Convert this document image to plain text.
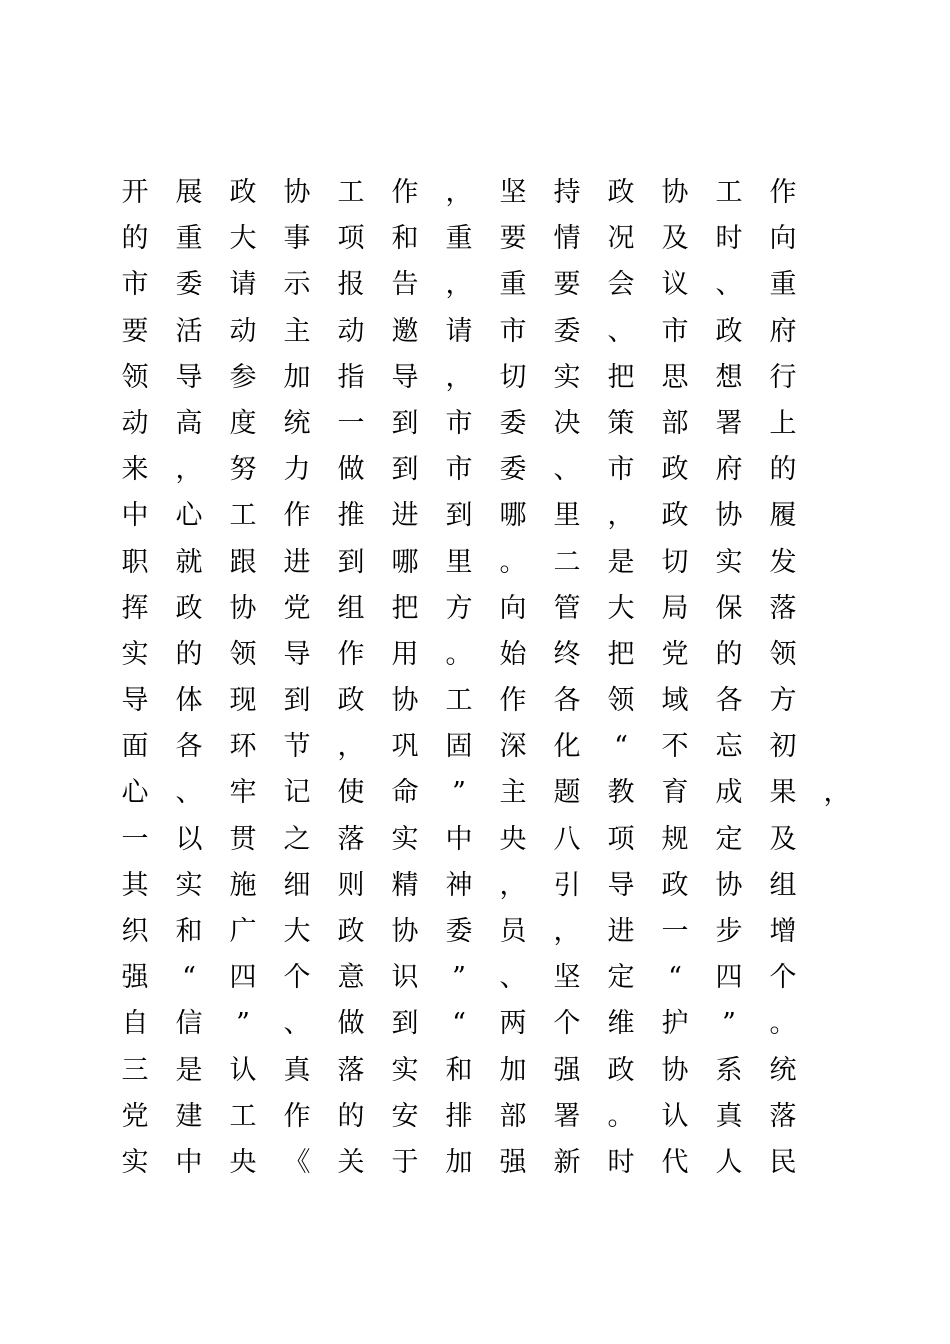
开	展	政	协	工	作	，	坚	持	政	协	工	作
的	重	大	事	项	和	重	要	情	况	及	时	向
市	委	请	示	报	告	，	重	要	会	议	、	重
要	活	动	主	动	邀	请	市	委	、	市	政	府
领	导	参	加	指	导	，	切	实	把	思	想	行
动	高	度	统	一	到	市	委	决	策	部	署	上
来	，	努	力	做	到	市	委	、	市	政	府	的
中	心	工	作	推	进	到	哪	里	，	政	协	履
职	就	跟	进	到	哪	里	。	二	是	切	实	发
挥	政	协	党	组	把	方	向	管	大	局	保	落
实	的	领	导	作	用	。	始	终	把	党	的	领
导	体	现	到	政	协	工	作	各	领	域	各	方
面	各	环	节	，	巩	固	深	化	“	不	忘	初
心	、	牢	记	使	命	”	主	题	教	育	成	果	，
一	以	贯	之	落	实	中	央	八	项	规	定	及
其	实	施	细	则	精	神	，	引	导	政	协	组
织	和	广	大	政	协	委	员	，	进	一	步	增
强	“	四	个	意	识	”	、	坚	定	“	四	个
自	信	”	、	做	到	“	两	个	维	护	”	。
三	是	认	真	落	实	和	加	强	政	协	系	统
党	建	工	作	的	安	排	部	署	。	认	真	落
实	中	央	《	关	于	加	强	新	时	代	人	民
